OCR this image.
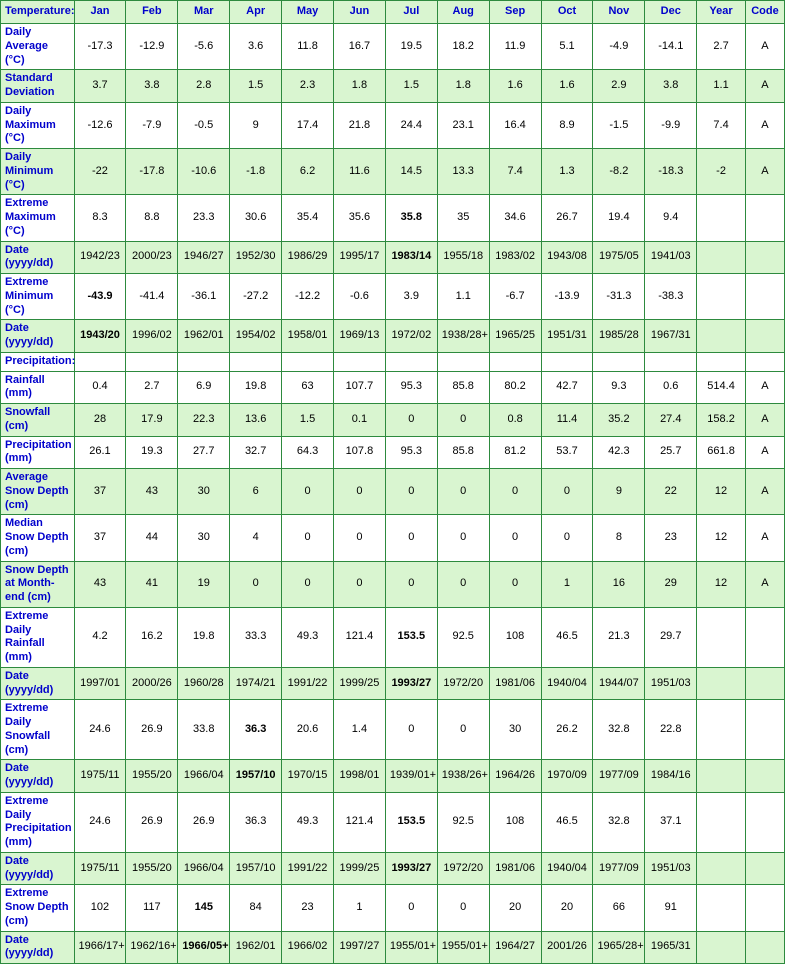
Temperature:	Jan	Feb	Mar	Apr	May	Jun	Jul	Aug	Sep	Oct	Nov	Dec	Year	Code
Daily Average (°C)	-17.3	-12.9	-5.6	3.6	11.8	16.7	19.5	18.2	11.9	5.1	-4.9	-14.1	2.7	A
Standard Deviation	3.7	3.8	2.8	1.5	2.3	1.8	1.5	1.8	1.6	1.6	2.9	3.8	1.1	A
Daily Maximum (°C)	-12.6	-7.9	-0.5	9	17.4	21.8	24.4	23.1	16.4	8.9	-1.5	-9.9	7.4	A
Daily Minimum (°C)	-22	-17.8	-10.6	-1.8	6.2	11.6	14.5	13.3	7.4	1.3	-8.2	-18.3	-2	A
Extreme Maximum (°C)	8.3	8.8	23.3	30.6	35.4	35.6	35.8	35	34.6	26.7	19.4	9.4		
Date (yyyy/dd)	1942/23	2000/23	1946/27	1952/30	1986/29	1995/17	1983/14	1955/18	1983/02	1943/08	1975/05	1941/03		
Extreme Minimum (°C)	-43.9	-41.4	-36.1	-27.2	-12.2	-0.6	3.9	1.1	-6.7	-13.9	-31.3	-38.3		
Date (yyyy/dd)	1943/20	1996/02	1962/01	1954/02	1958/01	1969/13	1972/02	1938/28+	1965/25	1951/31	1985/28	1967/31		
Precipitation:														
Rainfall (mm)	0.4	2.7	6.9	19.8	63	107.7	95.3	85.8	80.2	42.7	9.3	0.6	514.4	A
Snowfall (cm)	28	17.9	22.3	13.6	1.5	0.1	0	0	0.8	11.4	35.2	27.4	158.2	A
Precipitation (mm)	26.1	19.3	27.7	32.7	64.3	107.8	95.3	85.8	81.2	53.7	42.3	25.7	661.8	A
Average Snow Depth (cm)	37	43	30	6	0	0	0	0	0	0	9	22	12	A
Median Snow Depth (cm)	37	44	30	4	0	0	0	0	0	0	8	23	12	A
Snow Depth at Month-end (cm)	43	41	19	0	0	0	0	0	0	1	16	29	12	A
Extreme Daily Rainfall (mm)	4.2	16.2	19.8	33.3	49.3	121.4	153.5	92.5	108	46.5	21.3	29.7		
Date (yyyy/dd)	1997/01	2000/26	1960/28	1974/21	1991/22	1999/25	1993/27	1972/20	1981/06	1940/04	1944/07	1951/03		
Extreme Daily Snowfall (cm)	24.6	26.9	33.8	36.3	20.6	1.4	0	0	30	26.2	32.8	22.8		
Date (yyyy/dd)	1975/11	1955/20	1966/04	1957/10	1970/15	1998/01	1939/01+	1938/26+	1964/26	1970/09	1977/09	1984/16		
Extreme Daily Precipitation (mm)	24.6	26.9	26.9	36.3	49.3	121.4	153.5	92.5	108	46.5	32.8	37.1		
Date (yyyy/dd)	1975/11	1955/20	1966/04	1957/10	1991/22	1999/25	1993/27	1972/20	1981/06	1940/04	1977/09	1951/03		
Extreme Snow Depth (cm)	102	117	145	84	23	1	0	0	20	20	66	91		
Date (yyyy/dd)	1966/17+	1962/16+	1966/05+	1962/01	1966/02	1997/27	1955/01+	1955/01+	1964/27	2001/26	1965/28+	1965/31		
